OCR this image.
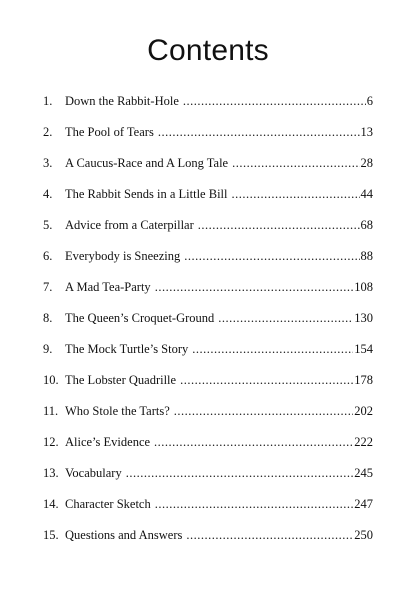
Contents
1.	Down the Rabbit-Hole .....	6
2.	The Pool of Tears .....	13
3.	A Caucus-Race and A Long Tale .....	28
4.	The Rabbit Sends in a Little Bill .....	44
5.	Advice from a Caterpillar .....	68
6.	Everybody is Sneezing .....	88
7.	A Mad Tea-Party .....	108
8.	The Queen’s Croquet-Ground .....	130
9.	The Mock Turtle’s Story .....	154
10. The Lobster Quadrille .....	178
11. Who Stole the Tarts? .....	202
12. Alice’s Evidence .....	222
13. Vocabulary .....	245
14. Character Sketch .....	247
15. Questions and Answers .....	250
